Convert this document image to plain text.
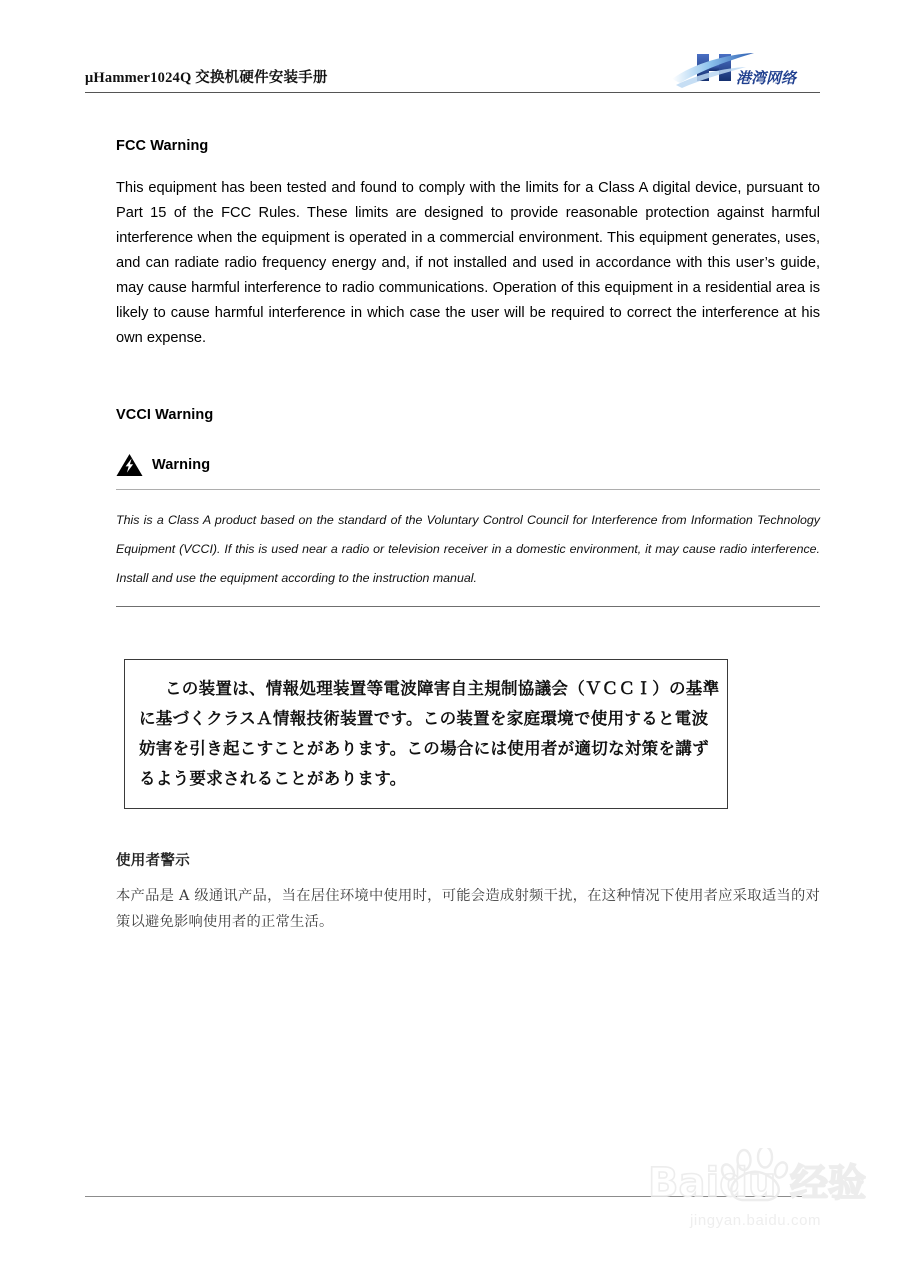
μHammer1024Q 交换机硬件安装手册	港湾网络
FCC Warning

This equipment has been tested and found to comply with the limits for a Class A digital device, pursuant to Part 15 of the FCC Rules. These limits are designed to provide reasonable protection against harmful interference when the equipment is operated in a commercial environment. This equipment generates, uses, and can radiate radio frequency energy and, if not installed and used in accordance with this user’s guide, may cause harmful interference to radio communications. Operation of this equipment in a residential area is likely to cause harmful interference in which case the user will be required to correct the interference at his own expense.

VCCI Warning
Warning

This is a Class A product based on the standard of the Voluntary Control Council for Interference from Information Technology Equipment (VCCI). If this is used near a radio or television receiver in a domestic environment, it may cause radio interference. Install and use the equipment according to the instruction manual.

この装置は、情報処理装置等電波障害自主規制協議会（ＶＣＣＩ）の基準
に基づくクラスＡ情報技術装置です。この装置を家庭環境で使用すると電波
妨害を引き起こすことがあります。この場合には使用者が適切な対策を講ず
るよう要求されることがあります。
使用者警示

本产品是 A 级通讯产品，当在居住环境中使用时，可能会造成射频干扰，在这种情况下使用者应采取适当的对策以避免影响使用者的正常生活。

Baidu 经验
jingyan.baidu.com
